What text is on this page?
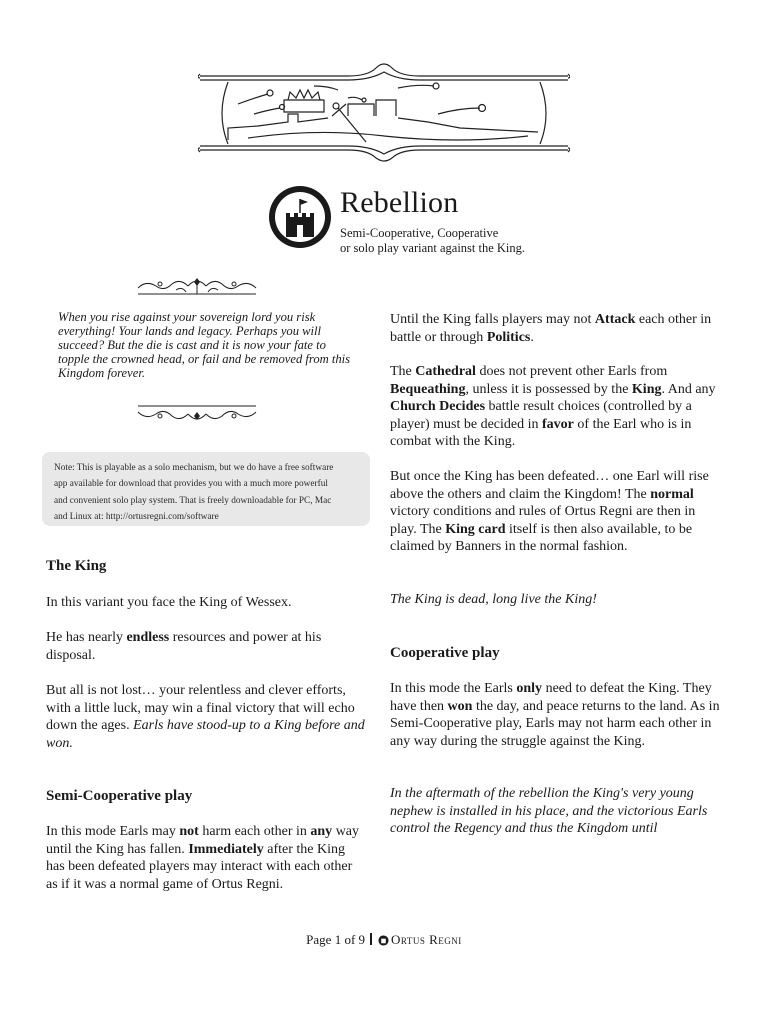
Rebellion
Semi-Cooperative, Cooperative
or solo play variant against the King.
When you rise against your sovereign lord you risk everything! Your lands and legacy. Perhaps you will succeed? But the die is cast and it is now your fate to topple the crowned head, or fail and be removed from this Kingdom forever.
Note: This is playable as a solo mechanism, but we do have a free software
app available for download that provides you with a much more powerful
and convenient solo play system. That is freely downloadable for PC, Mac
and Linux at: http://ortusregni.com/software
The King
In this variant you face the King of Wessex.
He has nearly endless resources and power at his disposal.
But all is not lost… your relentless and clever efforts, with a little luck, may win a final victory that will echo down the ages. Earls have stood-up to a King before and won.
Semi-Cooperative play
In this mode Earls may not harm each other in any way until the King has fallen. Immediately after the King has been defeated players may interact with each other as if it was a normal game of Ortus Regni.
Until the King falls players may not Attack each other in battle or through Politics.
The Cathedral does not prevent other Earls from Bequeathing, unless it is possessed by the King. And any Church Decides battle result choices (controlled by a player) must be decided in favor of the Earl who is in combat with the King.
But once the King has been defeated… one Earl will rise above the others and claim the Kingdom! The normal victory conditions and rules of Ortus Regni are then in play. The King card itself is then also available, to be claimed by Banners in the normal fashion.
The King is dead, long live the King!
Cooperative play
In this mode the Earls only need to defeat the King. They have then won the day, and peace returns to the land. As in Semi-Cooperative play, Earls may not harm each other in any way during the struggle against the King.
In the aftermath of the rebellion the King's very young nephew is installed in his place, and the victorious Earls control the Regency and thus the Kingdom until
Page 1 of 9 Ortus Regni
